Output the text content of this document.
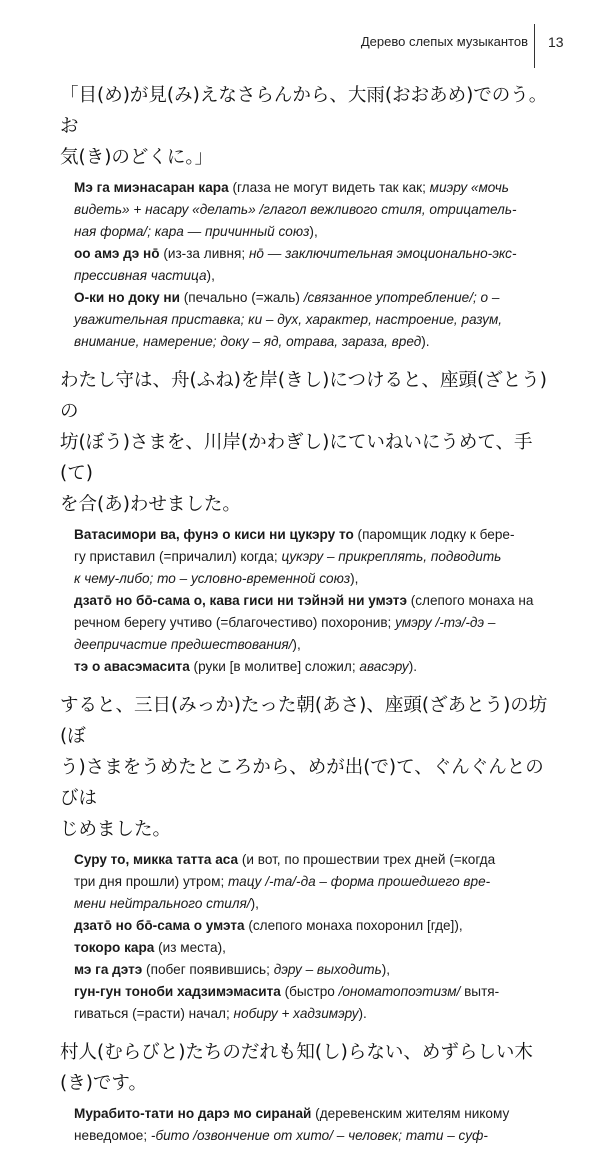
Дерево слепых музыкантов 13

「目(め)が見(み)えなさらんから、大雨(おおあめ)でのう。お

気(き)のどくに。」

Мэ га миэнасаран кара (глаза не могут видеть так как; миэру «мочь

видеть» + насару «делать» /глагол вежливого стиля, отрицатель-

ная форма/; кара — причинный союз),

оо амэ дэ нō (из-за ливня; нō — заключительная эмоционально-экс-

прессивная частица),

О-ки но доку ни (печально (=жаль) /связанное употребление/; о –

уважительная приставка; ки – дух, характер, настроение, разум,

внимание, намерение; доку – яд, отрава, зараза, вред).

わたし守は、舟(ふね)を岸(きし)につけると、座頭(ざとう)の

坊(ぼう)さまを、川岸(かわぎし)にていねいにうめて、手(て)

を合(あ)わせました。

Ватасимори ва, фунэ о киси ни цукэру то (паромщик лодку к бере-

гу приставил (=причалил) когда; цукэру – прикреплять, подводить

к чему-либо; то – условно-временной союз),

дзатō но бō-сама о, кава гиси ни тэйнэй ни умэтэ (слепого монаха на

речном берегу учтиво (=благочестиво) похоронив; умэру /-тэ/-дэ –

деепричастие предшествования/),

тэ о авасэмасита (руки [в молитве] сложил; авасэру).

すると、三日(みっか)たった朝(あさ)、座頭(ざあとう)の坊(ぼ

う)さまをうめたところから、めが出(で)て、ぐんぐんとのびは

じめました。

Суру то, микка татта аса (и вот, по прошествии трех дней (=когда

три дня прошли) утром; тацу /-та/-да – форма прошедшего вре-

мени нейтрального стиля/),

дзатō но бō-сама о умэта (слепого монаха похоронил [где]),

токоро кара (из места),

мэ га дэтэ (побег появившись; дэру – выходить),

гун-гун тоноби хадзимэмасита (быстро /ономатопоэтизм/ вытя-

гиваться (=расти) начал; нобиру + хадзимэру).

村人(むらびと)たちのだれも知(し)らない、めずらしい木(き)です。

Мурабито-тати но дарэ мо сиранай (деревенским жителям никому

неведомое; -бито /озвончение от хито/ – человек; тати – суф-
